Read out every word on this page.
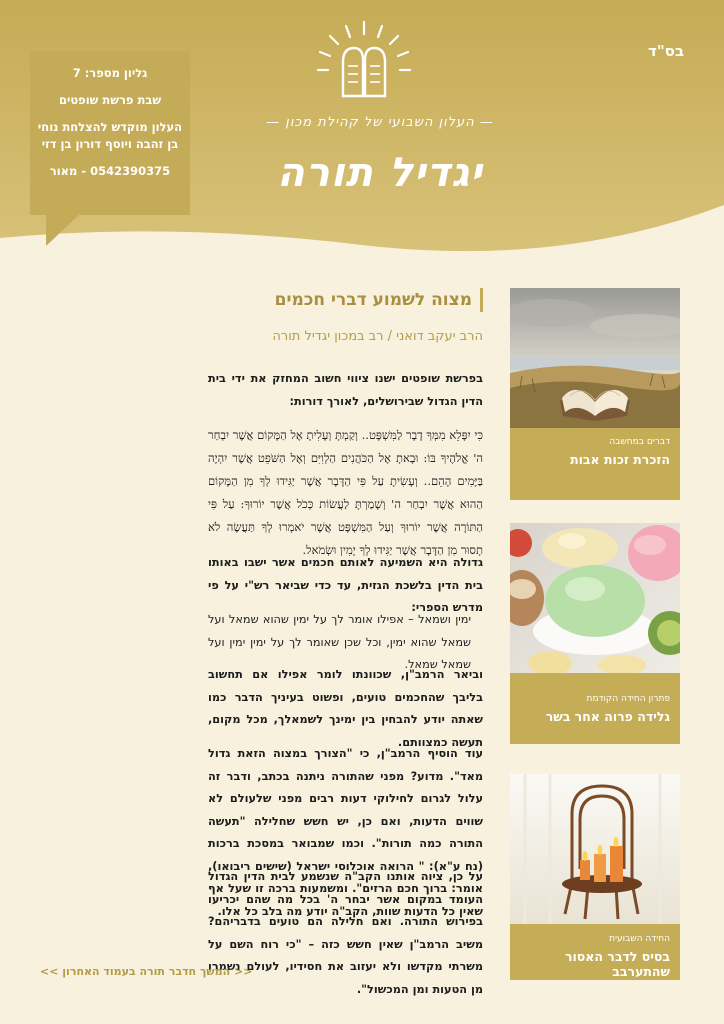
בס"ד
— העלון השבועי של קהילת מכון —
יגדיל תורה
גליון מספר: 7
שבת פרשת שופטים
העלון מוקדש להצלחת נוחי
בן זהבה ויוסף דורון בן דזי
0542390375 - מאור
מצוה לשמוע דברי חכמים
הרב יעקב דואני / רב במכון יגדיל תורה
בפרשת שופטים ישנו ציווי חשוב המחזק את ידי בית הדין הגדול שבירושלים, לאורך דורות:
כִּי יִפָּלֵא מִמְּךָ דָבָר לַמִּשְׁפָּט.. וְקַמְתָּ וְעָלִיתָ אֶל הַמָּקוֹם אֲשֶׁר יִבְחַר ה' אֱלֹהֶיךָ בּוֹ: וּבָאתָ אֶל הַכֹּהֲנִים הַלְוִיִּם וְאֶל הַשֹּׁפֵט אֲשֶׁר יִהְיֶה בַּיָּמִים הָהֵם.. וְעָשִׂיתָ עַל פִּי הַדָּבָר אֲשֶׁר יַגִּידוּ לְךָ מִן הַמָּקוֹם הַהוּא אֲשֶׁר יִבְחַר ה' וְשָׁמַרְתָּ לַעֲשׂוֹת כְּכֹל אֲשֶׁר יוֹרוּךָ: עַל פִּי הַתּוֹרָה אֲשֶׁר יוֹרוּךָ וְעַל הַמִּשְׁפָּט אֲשֶׁר יֹאמְרוּ לְךָ תַּעֲשֶׂה לֹא תָסוּר מִן הַדָּבָר אֲשֶׁר יַגִּידוּ לְךָ יָמִין וּשְׂמֹאל.
גדולה היא השמיעה לאותם חכמים אשר ישבו באותו בית הדין בלשכת הגזית, עד כדי שביאר רש"י על פי מדרש הספרי:
ימין ושמאל – אפילו אומר לך על ימין שהוא שמאל ועל שמאל שהוא ימין, וכל שכן שאומר לך על ימין ימין ועל שמאל שמאל.
וביאר הרמב"ן, שכוונתו לומר אפילו אם תחשוב בליבך שהחכמים טועים, ופשוט בעיניך הדבר כמו שאתה יודע להבחין בין ימינך לשמאלך, מכל מקום, תעשה כמצוותם.
עוד הוסיף הרמב"ן, כי "הצורך במצוה הזאת גדול מאד". מדוע? מפני שהתורה ניתנה בכתב, ודבר זה עלול לגרום לחילוקי דעות רבים מפני שלעולם לא שווים הדעות, ואם כן, יש חשש שחלילה "תעשה התורה כמה תורות". וכמו שמבואר במסכת ברכות (נח ע"א): " הרואה אוכלוסי ישראל (שישים ריבואו), אומר: ברוך חכם הרזים". ומשמעות ברכה זו שעל אף שאין כל הדעות שוות, הקב"ה יודע מה בלב כל אלו.
על כן, ציוה אותנו הקב"ה שנשמע לבית הדין הגדול העומד במקום אשר יבחר ה' בכל מה שהם יכריעו בפירוש התורה. ואם חלילה הם טועים בדבריהם? משיב הרמב"ן שאין חשש כזה – "כי רוח השם על משרתי מקדשו ולא יעזוב את חסידיו, לעולם נשמרו מן הטעות ומן המכשול".
<< המשך חדבר תורה בעמוד האחרון >>
דברים במחשבה
הזכרת זכות אבות
פתרון החידה הקודמת
גלידה פרוה אחר בשר
החידה השבועית
בסיס לדבר האסור שהתערבב
